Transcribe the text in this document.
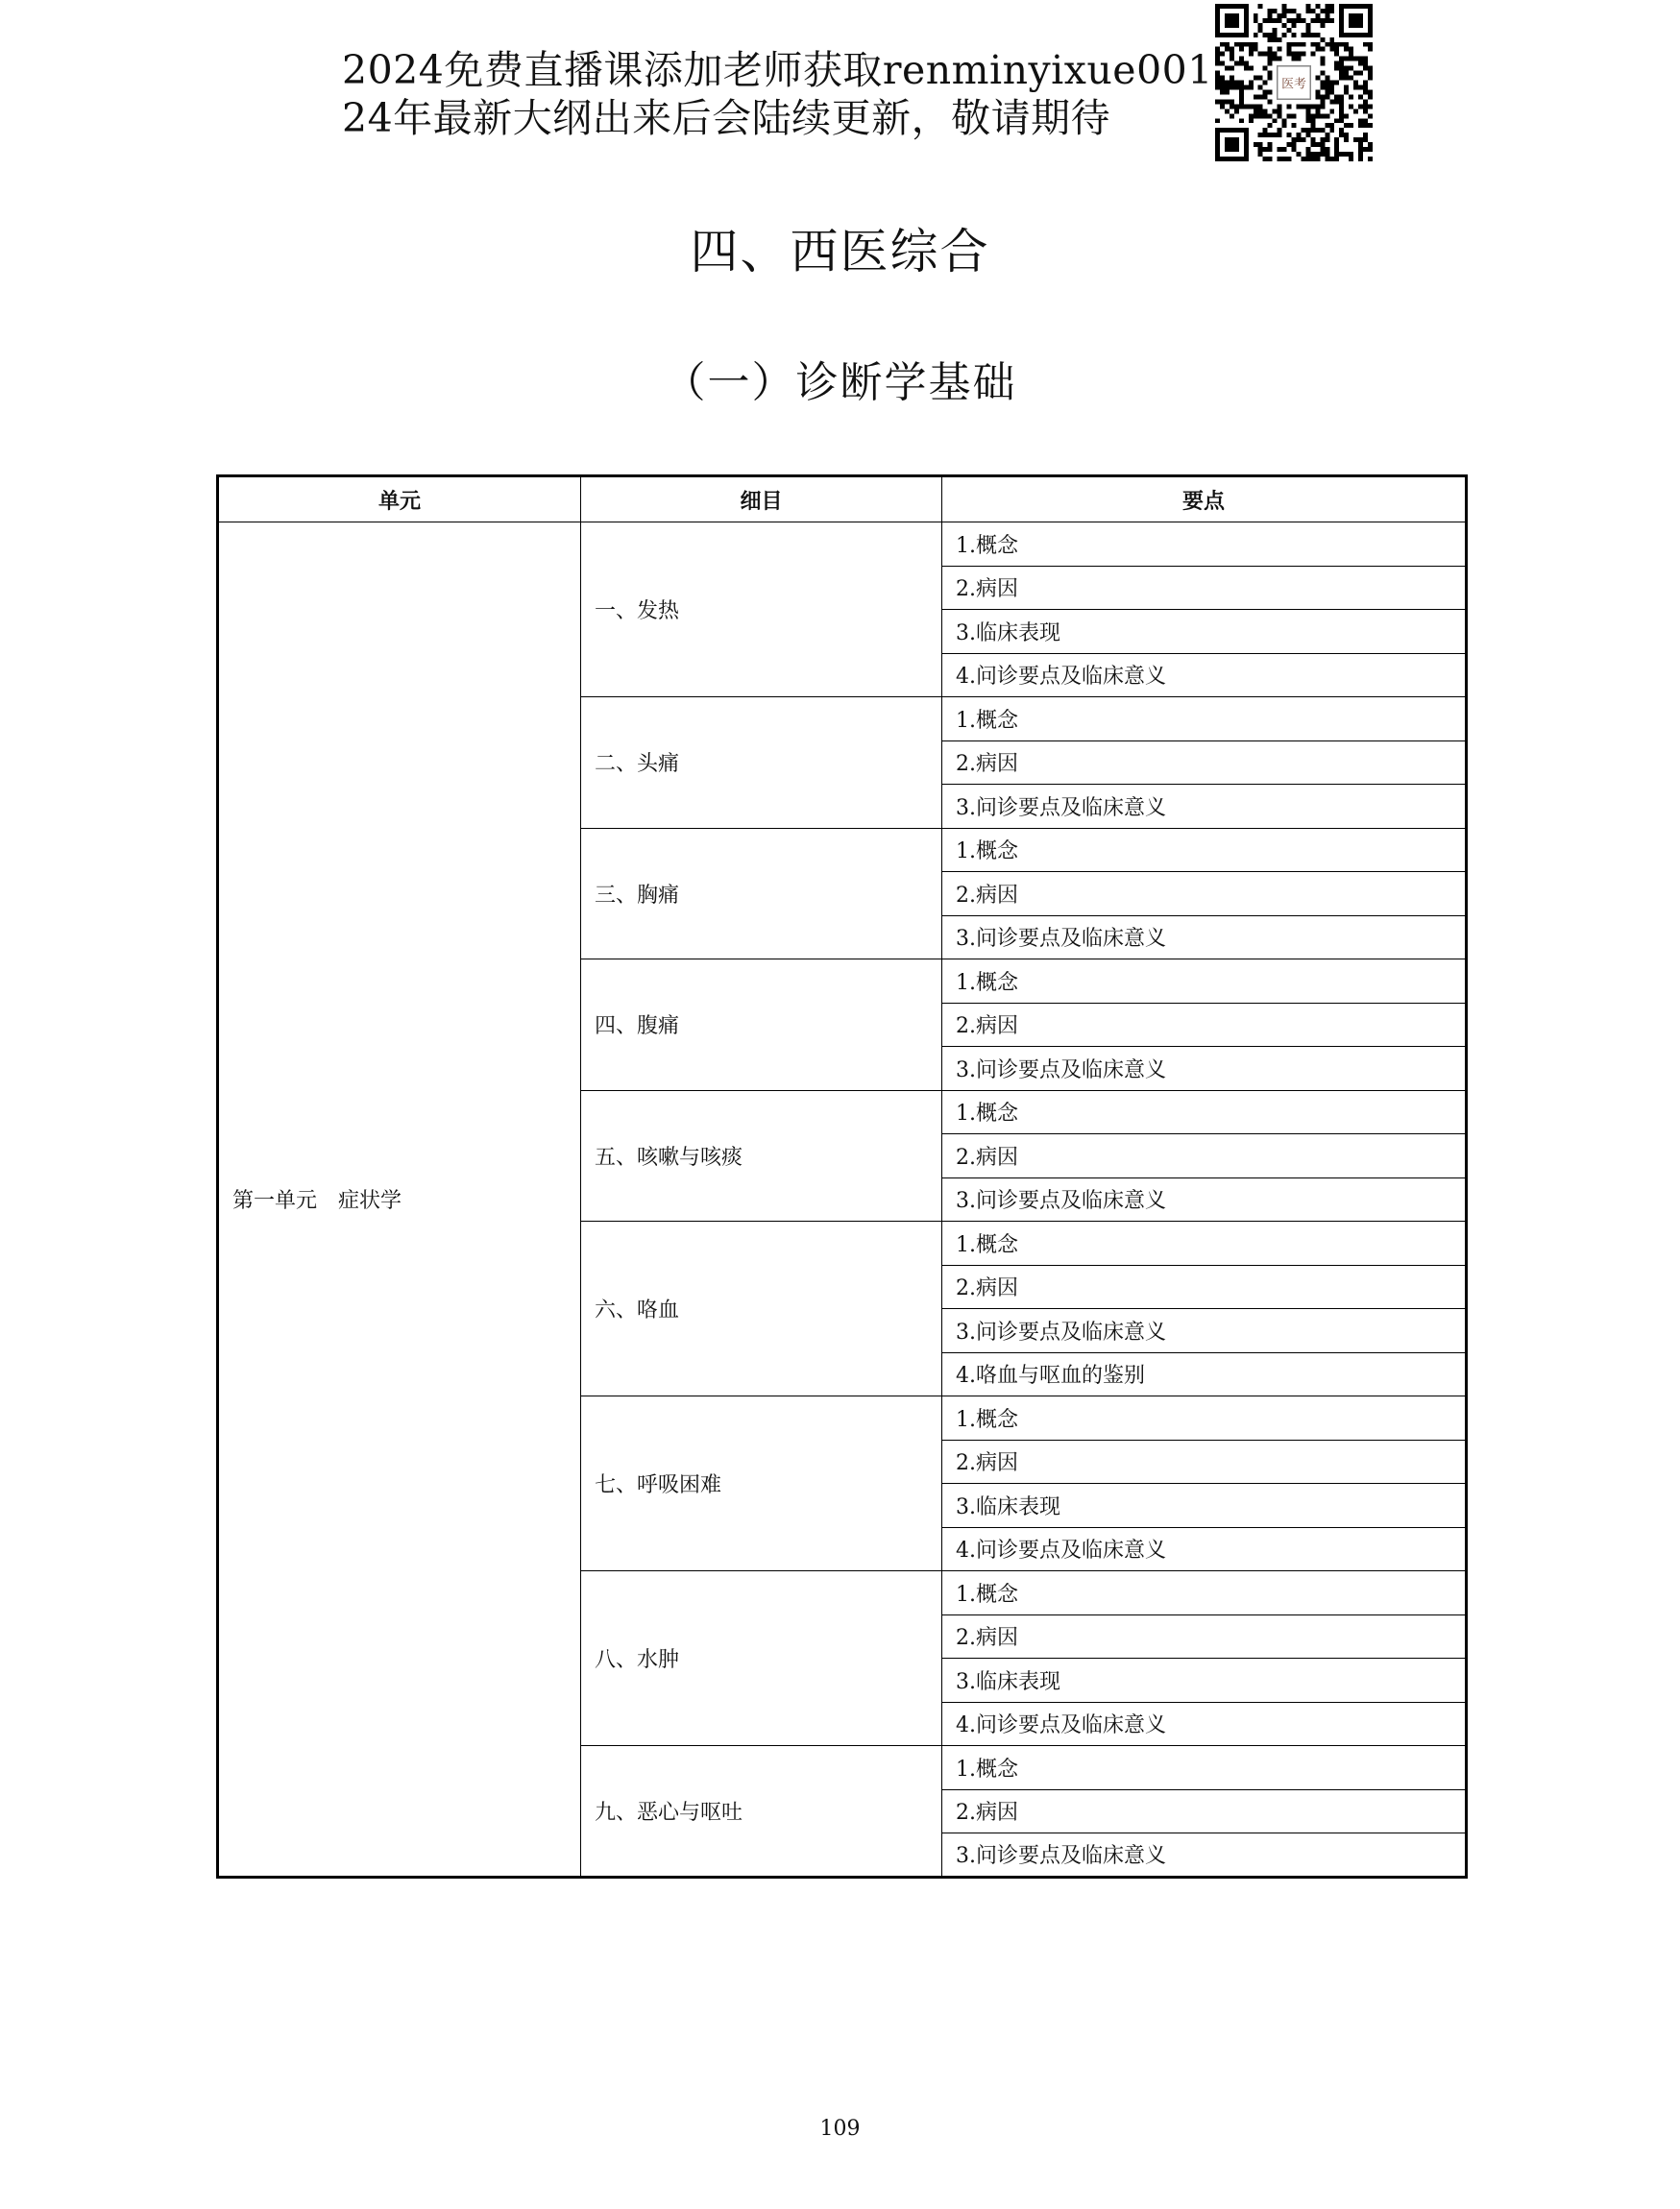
2024免费直播课添加老师获取renminyixue001
24年最新大纲出来后会陆续更新，敬请期待
医考
四、西医综合
（一）诊断学基础
单元	细目	要点
第一单元　症状学	一、发热	1.概念
		2.病因
		3.临床表现
		4.问诊要点及临床意义
	二、头痛	1.概念
		2.病因
		3.问诊要点及临床意义
	三、胸痛	1.概念
		2.病因
		3.问诊要点及临床意义
	四、腹痛	1.概念
		2.病因
		3.问诊要点及临床意义
	五、咳嗽与咳痰	1.概念
		2.病因
		3.问诊要点及临床意义
	六、咯血	1.概念
		2.病因
		3.问诊要点及临床意义
		4.咯血与呕血的鉴别
	七、呼吸困难	1.概念
		2.病因
		3.临床表现
		4.问诊要点及临床意义
	八、水肿	1.概念
		2.病因
		3.临床表现
		4.问诊要点及临床意义
	九、恶心与呕吐	1.概念
		2.病因
		3.问诊要点及临床意义
109
